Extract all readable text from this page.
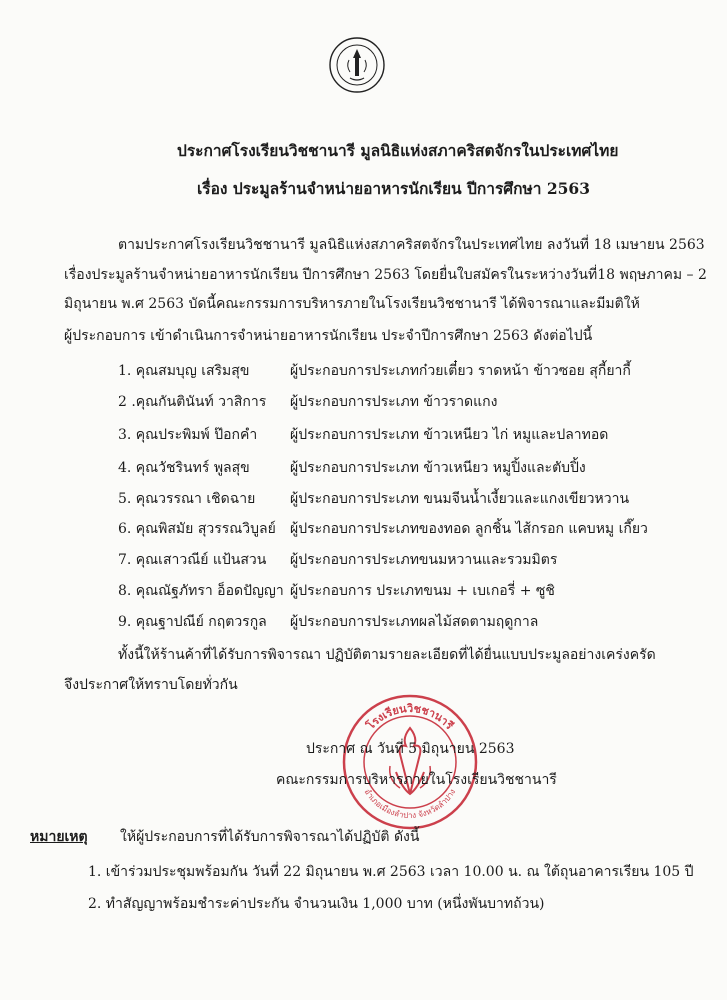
ประกาศโรงเรียนวิชชานารี มูลนิธิแห่งสภาคริสตจักรในประเทศไทย
เรื่อง ประมูลร้านจำหน่ายอาหารนักเรียน ปีการศึกษา 2563
ตามประกาศโรงเรียนวิชชานารี มูลนิธิแห่งสภาคริสตจักรในประเทศไทย ลงวันที่ 18 เมษายน 2563
เรื่องประมูลร้านจำหน่ายอาหารนักเรียน ปีการศึกษา 2563 โดยยื่นใบสมัครในระหว่างวันที่18 พฤษภาคม – 2
มิถุนายน พ.ศ 2563 บัดนี้คณะกรรมการบริหารภายในโรงเรียนวิชชานารี ได้พิจารณาและมีมติให้
ผู้ประกอบการ เข้าดำเนินการจำหน่ายอาหารนักเรียน ประจำปีการศึกษา 2563 ดังต่อไปนี้
1. คุณสมบุญ เสริมสุข	ผู้ประกอบการประเภทก๋วยเตี๋ยว ราดหน้า ข้าวซอย สุกี้ยากี้
2 .คุณกันตินันท์ วาสิการ ผู้ประกอบการประเภท ข้าวราดแกง
3. คุณประพิมพ์ ป๊อกคำ ผู้ประกอบการประเภท ข้าวเหนียว ไก่ หมูและปลาทอด
4. คุณวัชรินทร์ พูลสุข	ผู้ประกอบการประเภท ข้าวเหนียว หมูปิ้งและตับปิ้ง
5. คุณวรรณา เชิดฉาย ผู้ประกอบการประเภท ขนมจีนน้ำเงี้ยวและแกงเขียวหวาน
6. คุณพิสมัย สุวรรณวิบูลย์ ผู้ประกอบการประเภทของทอด ลูกชิ้น ไส้กรอก แคบหมู เกี๊ยว
7. คุณเสาวณีย์ แป้นสวน ผู้ประกอบการประเภทขนมหวานและรวมมิตร
8. คุณณัฐภัทรา อ็อดปัญญา ผู้ประกอบการ ประเภทขนม + เบเกอรี่ + ซูชิ
9. คุณฐาปณีย์ กฤตวรกูล ผู้ประกอบการประเภทผลไม้สดตามฤดูกาล
ทั้งนี้ให้ร้านค้าที่ได้รับการพิจารณา ปฏิบัติตามรายละเอียดที่ได้ยื่นแบบประมูลอย่างเคร่งครัด
จึงประกาศให้ทราบโดยทั่วกัน
โรงเรียนวิชชานารี
อำเภอเมืองลำปาง จังหวัดลำปาง
ประกาศ ณ วันที่ 5 มิถุนายน 2563
คณะกรรมการบริหารภายในโรงเรียนวิชชานารี
หมายเหตุ ให้ผู้ประกอบการที่ได้รับการพิจารณาได้ปฏิบัติ ดังนี้
1. เข้าร่วมประชุมพร้อมกัน วันที่ 22 มิถุนายน พ.ศ 2563 เวลา 10.00 น. ณ ใต้ถุนอาคารเรียน 105 ปี
2. ทำสัญญาพร้อมชำระค่าประกัน จำนวนเงิน 1,000 บาท (หนึ่งพันบาทถ้วน)
